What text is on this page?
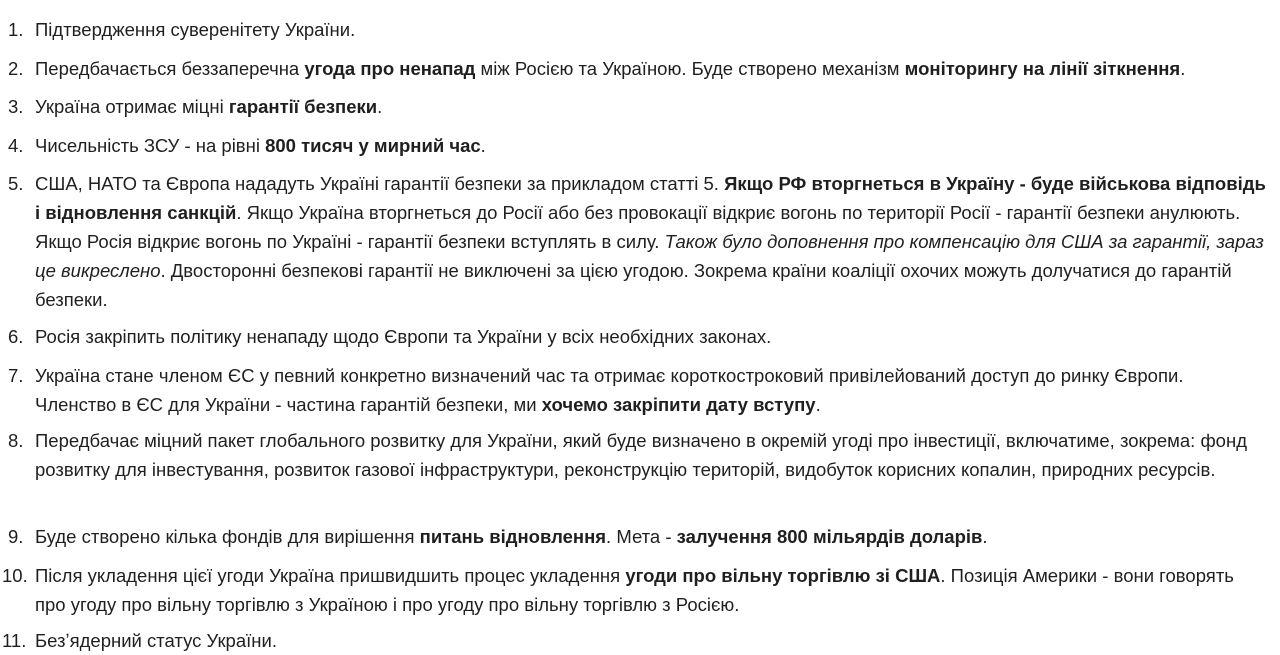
1. Підтвердження суверенітету України.
2. Передбачається беззаперечна угода про ненапад між Росією та Україною. Буде створено механізм моніторингу на лінії зіткнення.
3. Україна отримає міцні гарантії безпеки.
4. Чисельність ЗСУ - на рівні 800 тисяч у мирний час.
5. США, НАТО та Європа нададуть Україні гарантії безпеки за прикладом статті 5. Якщо РФ вторгнеться в Україну - буде військова відповідь і відновлення санкцій. Якщо Україна вторгнеться до Росії або без провокації відкриє вогонь по території Росії - гарантії безпеки анулюють. Якщо Росія відкриє вогонь по Україні - гарантії безпеки вступлять в силу. Також було доповнення про компенсацію для США за гарантії, зараз це викреслено. Двосторонні безпекові гарантії не виключені за цією угодою. Зокрема країни коаліції охочих можуть долучатися до гарантій безпеки.
6. Росія закріпить політику ненападу щодо Європи та України у всіх необхідних законах.
7. Україна стане членом ЄС у певний конкретно визначений час та отримає короткостроковий привілейований доступ до ринку Європи. Членство в ЄС для України - частина гарантій безпеки, ми хочемо закріпити дату вступу.
8. Передбачає міцний пакет глобального розвитку для України, який буде визначено в окремій угоді про інвестиції, включатиме, зокрема: фонд розвитку для інвестування, розвиток газової інфраструктури, реконструкцію територій, видобуток корисних копалин, природних ресурсів.
9. Буде створено кілька фондів для вирішення питань відновлення. Мета - залучення 800 мільярдів доларів.
10. Після укладення цієї угоди Україна пришвидшить процес укладення угоди про вільну торгівлю зі США. Позиція Америки - вони говорять про угоду про вільну торгівлю з Україною і про угоду про вільну торгівлю з Росією.
11. Безʼядерний статус України.
